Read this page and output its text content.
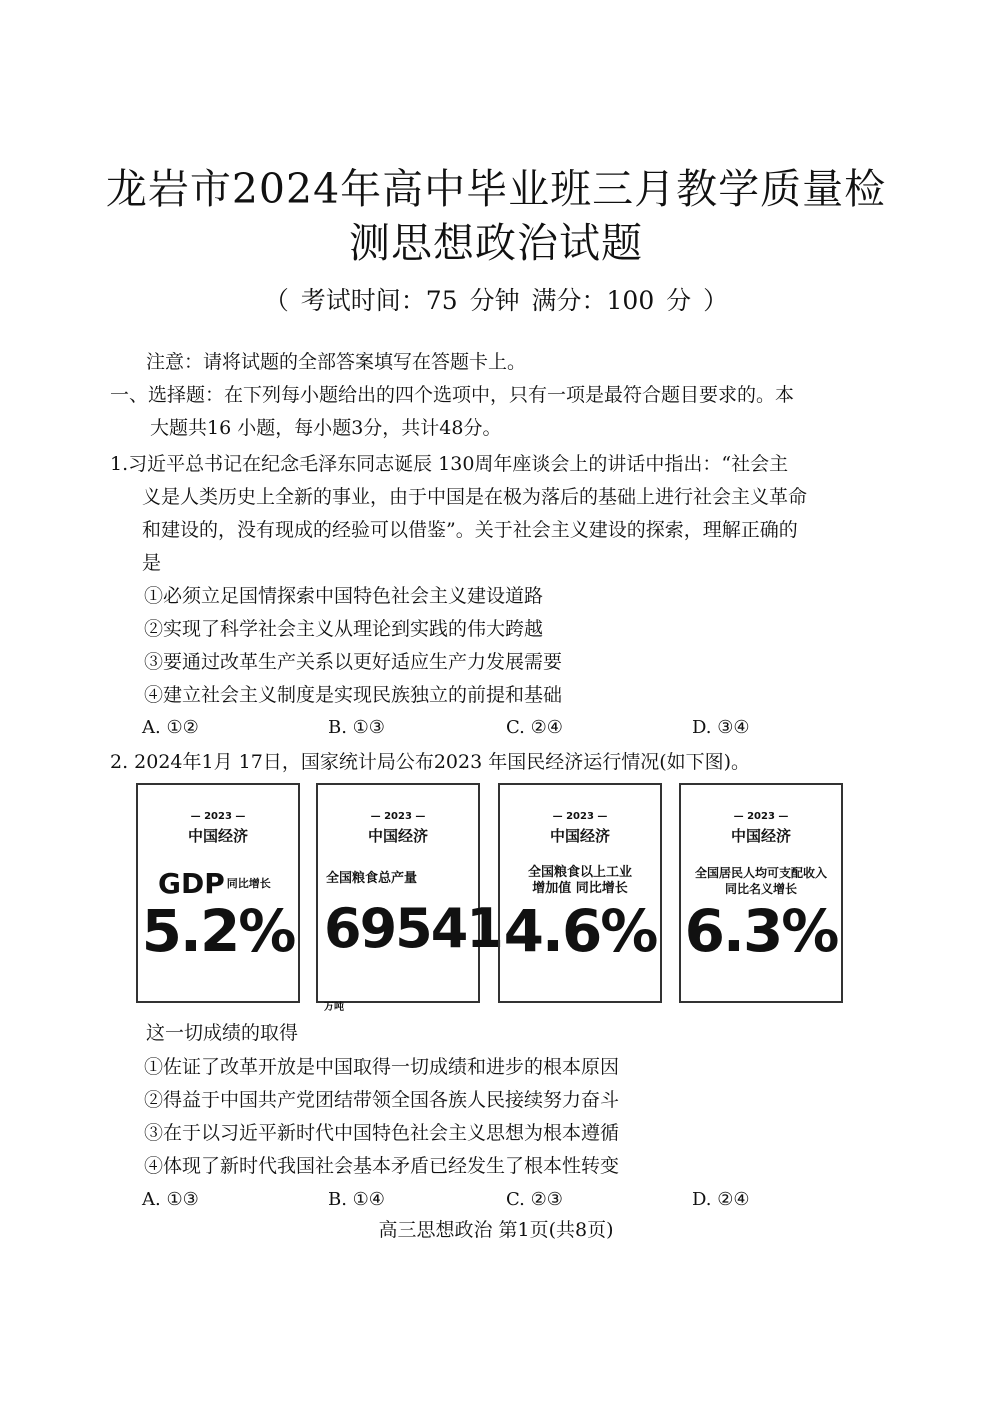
龙岩市2024年高中毕业班三月教学质量检
测思想政治试题
（ 考试时间：75 分钟 满分：100 分 ）
注意：请将试题的全部答案填写在答题卡上。
一、选择题：在下列每小题给出的四个选项中，只有一项是最符合题目要求的。本
大题共16 小题，每小题3分，共计48分。
1.习近平总书记在纪念毛泽东同志诞辰 130周年座谈会上的讲话中指出：“社会主
义是人类历史上全新的事业，由于中国是在极为落后的基础上进行社会主义革命
和建设的，没有现成的经验可以借鉴”。关于社会主义建设的探索，理解正确的
是
①必须立足国情探索中国特色社会主义建设道路
②实现了科学社会主义从理论到实践的伟大跨越
③要通过改革生产关系以更好适应生产力发展需要
④建立社会主义制度是实现民族独立的前提和基础
A. ①②	B. ①③	C. ②④	D. ③④
2. 2024年1月 17日，国家统计局公布2023 年国民经济运行情况(如下图)。
— 2023 —
中国经济
GDP $^{同比增长}$
5.2%
— 2023 —
中国经济
全国粮食总产量
69541万吨
— 2023 —
中国经济
全国粮食以上工业
增加值 同比增长
4.6%
— 2023 —
中国经济
全国居民人均可支配收入
同比名义增长
6.3%
这一切成绩的取得
①佐证了改革开放是中国取得一切成绩和进步的根本原因
②得益于中国共产党团结带领全国各族人民接续努力奋斗
③在于以习近平新时代中国特色社会主义思想为根本遵循
④体现了新时代我国社会基本矛盾已经发生了根本性转变
A. ①③	B. ①④	C. ②③	D. ②④
高三思想政治 第1页(共8页)
